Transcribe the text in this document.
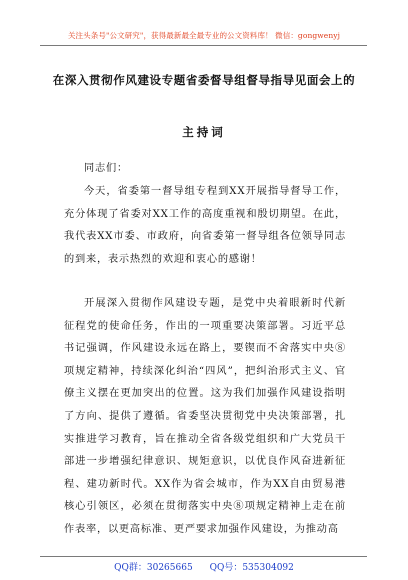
关注头条号"公文研究"，获得最新最全最专业的公文资料库！ 微信：gongwenyj
在深入贯彻作风建设专题省委督导组督导指导见面会上的
主持词
同志们：
今天，省委第一督导组专程到XX开展指导督导工作，充分体现了省委对XX工作的高度重视和殷切期望。在此，我代表XX市委、市政府，向省委第一督导组各位领导同志的到来，表示热烈的欢迎和衷心的感谢！
开展深入贯彻作风建设专题，是党中央着眼新时代新征程党的使命任务，作出的一项重要决策部署。习近平总书记强调，作风建设永远在路上，要锲而不舍落实中央⑧项规定精神，持续深化纠治“四风”，把纠治形式主义、官僚主义摆在更加突出的位置。这为我们加强作风建设指明了方向、提供了遵循。省委坚决贯彻党中央决策部署，扎实推进学习教育，旨在推动全省各级党组织和广大党员干部进一步增强纪律意识、规矩意识，以优良作风奋进新征程、建功新时代。XX作为省会城市，作为XX自由贸易港核心引领区，必须在贯彻落实中央⑧项规定精神上走在前作表率，以更高标准、更严要求加强作风建设，为推动高
QQ群：30265665 QQ号：535304092
